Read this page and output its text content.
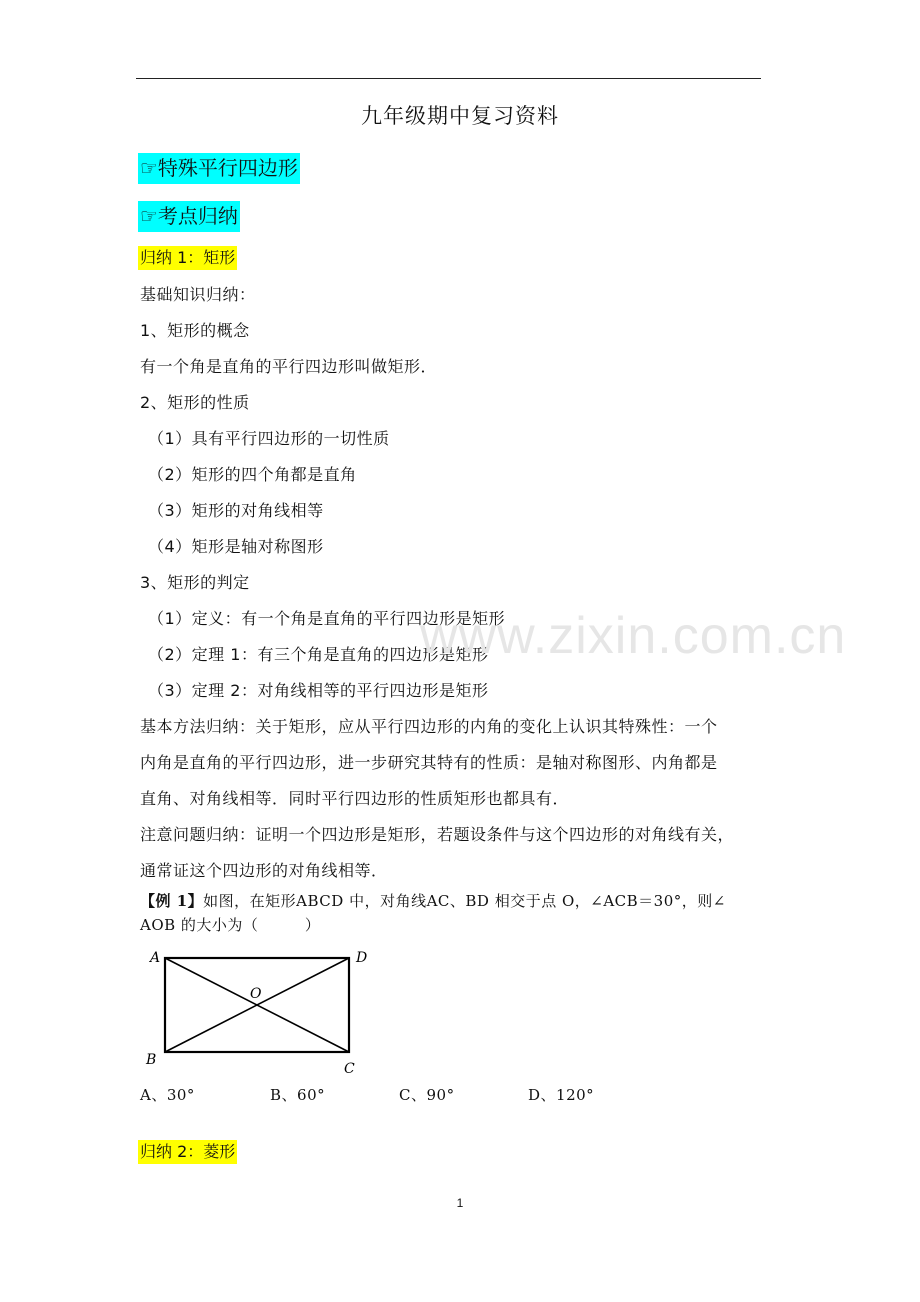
九年级期中复习资料
☞特殊平行四边形
☞考点归纳
归纳 1：矩形
基础知识归纳：
1、矩形的概念
有一个角是直角的平行四边形叫做矩形．
2、矩形的性质
（1）具有平行四边形的一切性质
（2）矩形的四个角都是直角
（3）矩形的对角线相等
（4）矩形是轴对称图形
3、矩形的判定
（1）定义：有一个角是直角的平行四边形是矩形
（2）定理 1：有三个角是直角的四边形是矩形
（3）定理 2：对角线相等的平行四边形是矩形
基本方法归纳：关于矩形，应从平行四边形的内角的变化上认识其特殊性：一个
内角是直角的平行四边形，进一步研究其特有的性质：是轴对称图形、内角都是
直角、对角线相等．同时平行四边形的性质矩形也都具有．
注意问题归纳：证明一个四边形是矩形，若题设条件与这个四边形的对角线有关，
通常证这个四边形的对角线相等．
【例 1】如图，在矩形ABCD 中，对角线AC、BD 相交于点 O，∠ACB＝30°，则∠
AOB 的大小为（　　　）
www.zixin.com.cn
A	D
B
C
O
A、30°	B、60°	C、90°	D、120°
归纳 2：菱形
1
